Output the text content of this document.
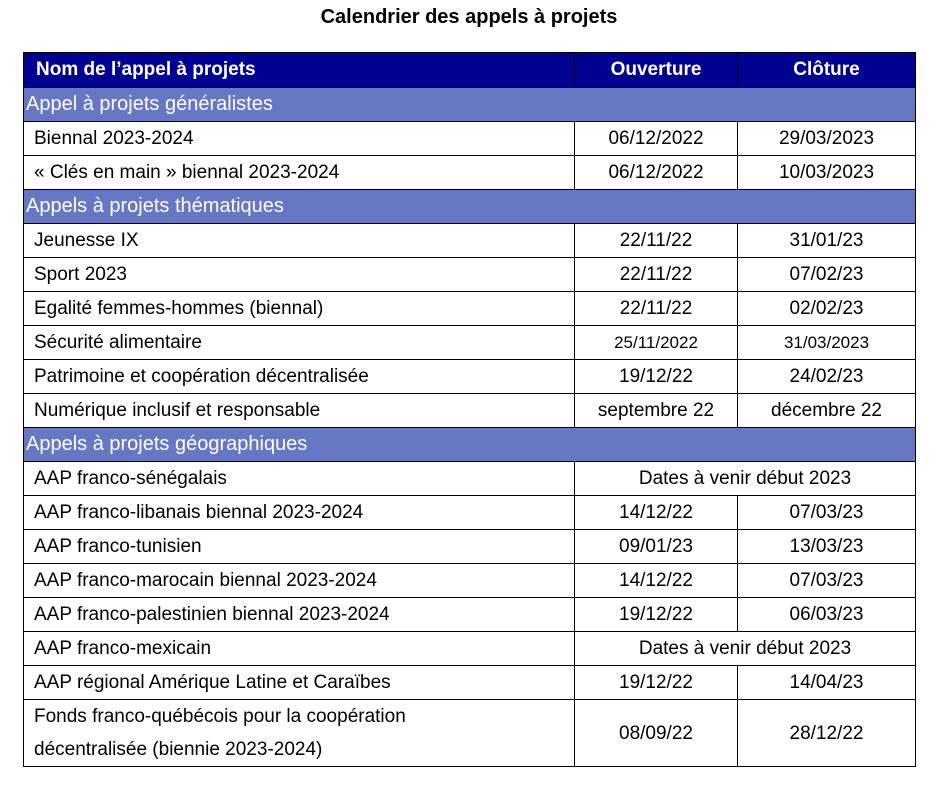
Calendrier des appels à projets
Nom de l’appel à projets	Ouverture	Clôture
Appel à projets généralistes		
Biennal 2023-2024	06/12/2022	29/03/2023
« Clés en main » biennal 2023-2024	06/12/2022	10/03/2023
Appels à projets thématiques		
Jeunesse IX	22/11/22	31/01/23
Sport 2023	22/11/22	07/02/23
Egalité femmes-hommes (biennal)	22/11/22	02/02/23
Sécurité alimentaire	25/11/2022	31/03/2023
Patrimoine et coopération décentralisée	19/12/22	24/02/23
Numérique inclusif et responsable	septembre 22	décembre 22
Appels à projets géographiques		
AAP franco-sénégalais	Dates à venir début 2023	
AAP franco-libanais biennal 2023-2024	14/12/22	07/03/23
AAP franco-tunisien	09/01/23	13/03/23
AAP franco-marocain biennal 2023-2024	14/12/22	07/03/23
AAP franco-palestinien biennal 2023-2024	19/12/22	06/03/23
AAP franco-mexicain	Dates à venir début 2023	
AAP régional Amérique Latine et Caraïbes	19/12/22	14/04/23

Fonds franco-québécois pour la coopération
décentralisée (biennie 2023-2024)	08/09/22	28/12/22
